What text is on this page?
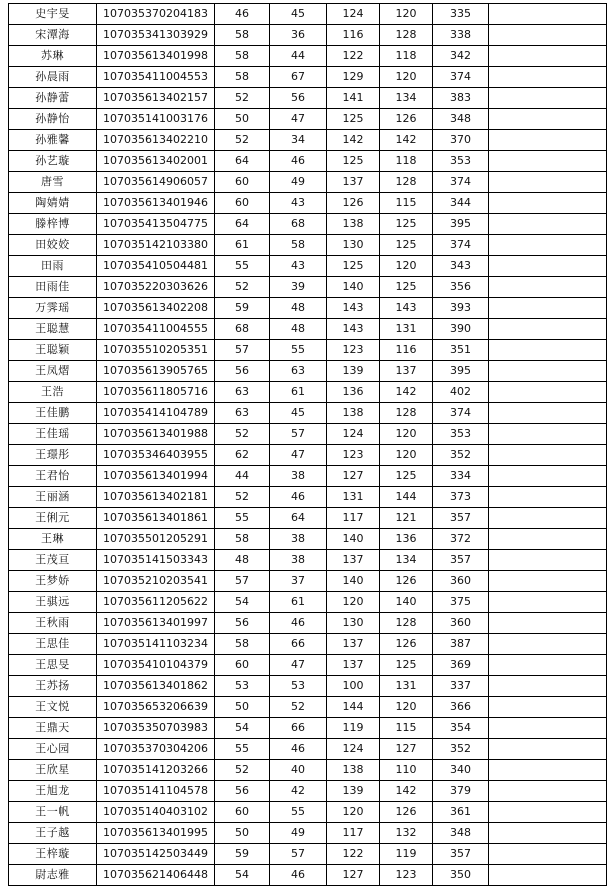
史宇旻	107035370204183	46	45	124	120	335	
宋潭海	107035341303929	58	36	116	128	338	
苏琳	107035613401998	58	44	122	118	342	
孙晨雨	107035411004553	58	67	129	120	374	
孙静蕾	107035613402157	52	56	141	134	383	
孙静怡	107035141003176	50	47	125	126	348	
孙雅馨	107035613402210	52	34	142	142	370	
孙艺璇	107035613402001	64	46	125	118	353	
唐雪	107035614906057	60	49	137	128	374	
陶婧婧	107035613401946	60	43	126	115	344	
滕梓博	107035413504775	64	68	138	125	395	
田姣姣	107035142103380	61	58	130	125	374	
田雨	107035410504481	55	43	125	120	343	
田雨佳	107035220303626	52	39	140	125	356	
万霁瑶	107035613402208	59	48	143	143	393	
王聪慧	107035411004555	68	48	143	131	390	
王聪颖	107035510205351	57	55	123	116	351	
王凤熠	107035613905765	56	63	139	137	395	
王浩	107035611805716	63	61	136	142	402	
王佳鹏	107035414104789	63	45	138	128	374	
王佳瑶	107035613401988	52	57	124	120	353	
王璟彤	107035346403955	62	47	123	120	352	
王君怡	107035613401994	44	38	127	125	334	
王丽涵	107035613402181	52	46	131	144	373	
王俐元	107035613401861	55	64	117	121	357	
王琳	107035501205291	58	38	140	136	372	
王茂亘	107035141503343	48	38	137	134	357	
王梦娇	107035210203541	57	37	140	126	360	
王骐远	107035611205622	54	61	120	140	375	
王秋雨	107035613401997	56	46	130	128	360	
王思佳	107035141103234	58	66	137	126	387	
王思旻	107035410104379	60	47	137	125	369	
王苏扬	107035613401862	53	53	100	131	337	
王文悦	107035653206639	50	52	144	120	366	
王鼎天	107035350703983	54	66	119	115	354	
王心园	107035370304206	55	46	124	127	352	
王欣星	107035141203266	52	40	138	110	340	
王旭龙	107035141104578	56	42	139	142	379	
王一帆	107035140403102	60	55	120	126	361	
王子越	107035613401995	50	49	117	132	348	
王梓璇	107035142503449	59	57	122	119	357	
尉志雅	107035621406448	54	46	127	123	350	
